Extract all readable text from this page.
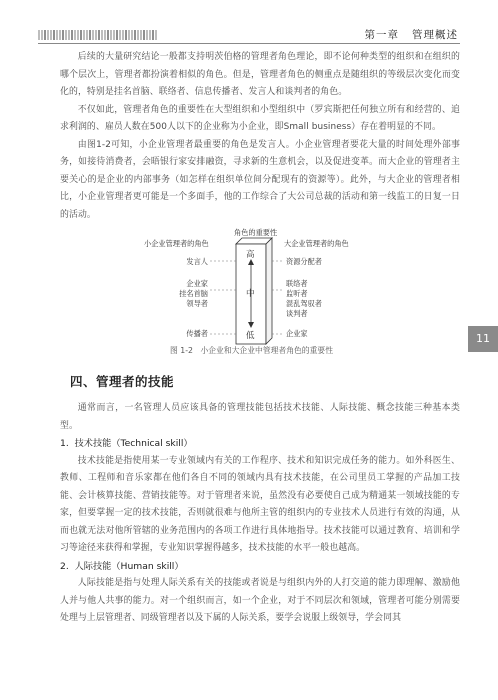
第一章   管理概述
11

后续的大量研究结论一般都支持明茨伯格的管理者角色理论，即不论何种类型的组织和在组织的哪个层次上，管理者都扮演着相似的角色。但是，管理者角色的侧重点是随组织的等级层次变化而变化的，特别是挂名首脑、联络者、信息传播者、发言人和谈判者的角色。

不仅如此，管理者角色的重要性在大型组织和小型组织中（罗宾斯把任何独立所有和经营的、追求利润的、雇员人数在500人以下的企业称为小企业，即Small business）存在着明显的不同。

由图1-2可知，小企业管理者最重要的角色是发言人。小企业管理者要花大量的时间处理外部事务，如接待消费者，会晤银行家安排融资，寻求新的生意机会，以及促进变革。而大企业的管理者主要关心的是企业的内部事务（如怎样在组织单位间分配现有的资源等）。此外，与大企业的管理者相比，小企业管理者更可能是一个多面手，他的工作综合了大公司总裁的活动和第一线监工的日复一日的活动。

高
中
低
小企业管理者的角色
角色的重要性
大企业管理者的角色
发言人
企业家
挂名首脑
领导者
传播者
资源分配者
联络者
监听者
混乱驾驭者
谈判者
企业家
图 1-2   小企业和大企业中管理者角色的重要性
四、管理者的技能

通常而言，一名管理人员应该具备的管理技能包括技术技能、人际技能、概念技能三种基本类型。

1.  技术技能（Technical skill）

技术技能是指使用某一专业领域内有关的工作程序、技术和知识完成任务的能力。如外科医生、教师、工程师和音乐家都在他们各自不同的领域内具有技术技能，在公司里员工掌握的产品加工技能、会计核算技能、营销技能等。对于管理者来说，虽然没有必要使自己成为精通某一领域技能的专家，但要掌握一定的技术技能，否则就很难与他所主管的组织内的专业技术人员进行有效的沟通，从而也就无法对他所管辖的业务范围内的各项工作进行具体地指导。技术技能可以通过教育、培训和学习等途径来获得和掌握，专业知识掌握得越多，技术技能的水平一般也越高。

2.  人际技能（Human skill）

人际技能是指与处理人际关系有关的技能或者说是与组织内外的人打交道的能力即理解、激励他人并与他人共事的能力。对一个组织而言，如一个企业，对于不同层次和领域，管理者可能分别需要处理与上层管理者、同级管理者以及下属的人际关系，要学会说服上级领导，学会同其
